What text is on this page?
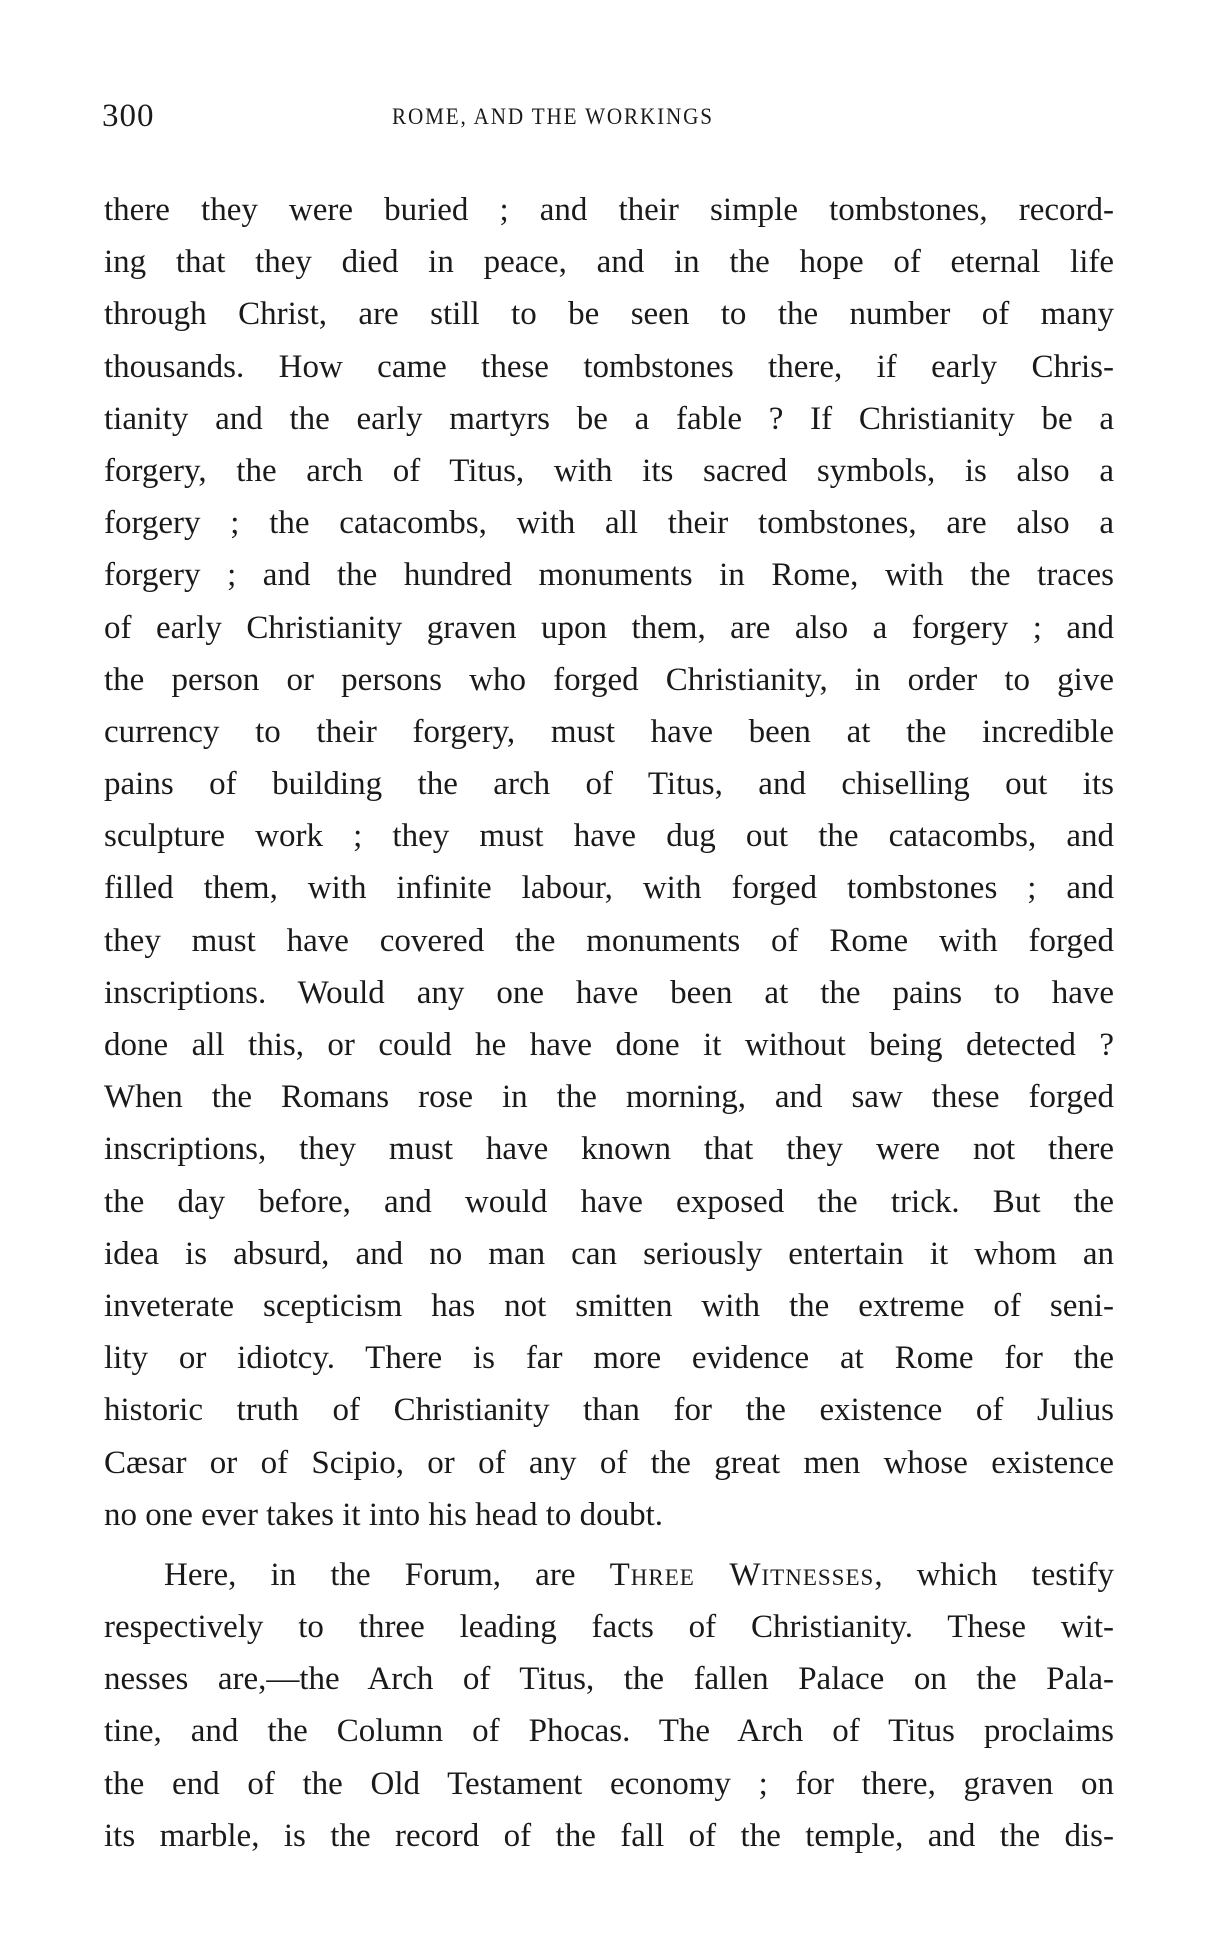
300	ROME, AND THE WORKINGS
there they were buried ; and their simple tombstones, record-
ing that they died in peace, and in the hope of eternal life
through Christ, are still to be seen to the number of many
thousands. How came these tombstones there, if early Chris-
tianity and the early martyrs be a fable ? If Christianity be a
forgery, the arch of Titus, with its sacred symbols, is also a
forgery ; the catacombs, with all their tombstones, are also a
forgery ; and the hundred monuments in Rome, with the traces
of early Christianity graven upon them, are also a forgery ; and
the person or persons who forged Christianity, in order to give
currency to their forgery, must have been at the incredible
pains of building the arch of Titus, and chiselling out its
sculpture work ; they must have dug out the catacombs, and
filled them, with infinite labour, with forged tombstones ; and
they must have covered the monuments of Rome with forged
inscriptions. Would any one have been at the pains to have
done all this, or could he have done it without being detected ?
When the Romans rose in the morning, and saw these forged
inscriptions, they must have known that they were not there
the day before, and would have exposed the trick. But the
idea is absurd, and no man can seriously entertain it whom an
inveterate scepticism has not smitten with the extreme of seni-
lity or idiotcy. There is far more evidence at Rome for the
historic truth of Christianity than for the existence of Julius
Cæsar or of Scipio, or of any of the great men whose existence
no one ever takes it into his head to doubt.
Here, in the Forum, are Three Witnesses, which testify
respectively to three leading facts of Christianity. These wit-
nesses are,—the Arch of Titus, the fallen Palace on the Pala-
tine, and the Column of Phocas. The Arch of Titus proclaims
the end of the Old Testament economy ; for there, graven on
its marble, is the record of the fall of the temple, and the dis-
